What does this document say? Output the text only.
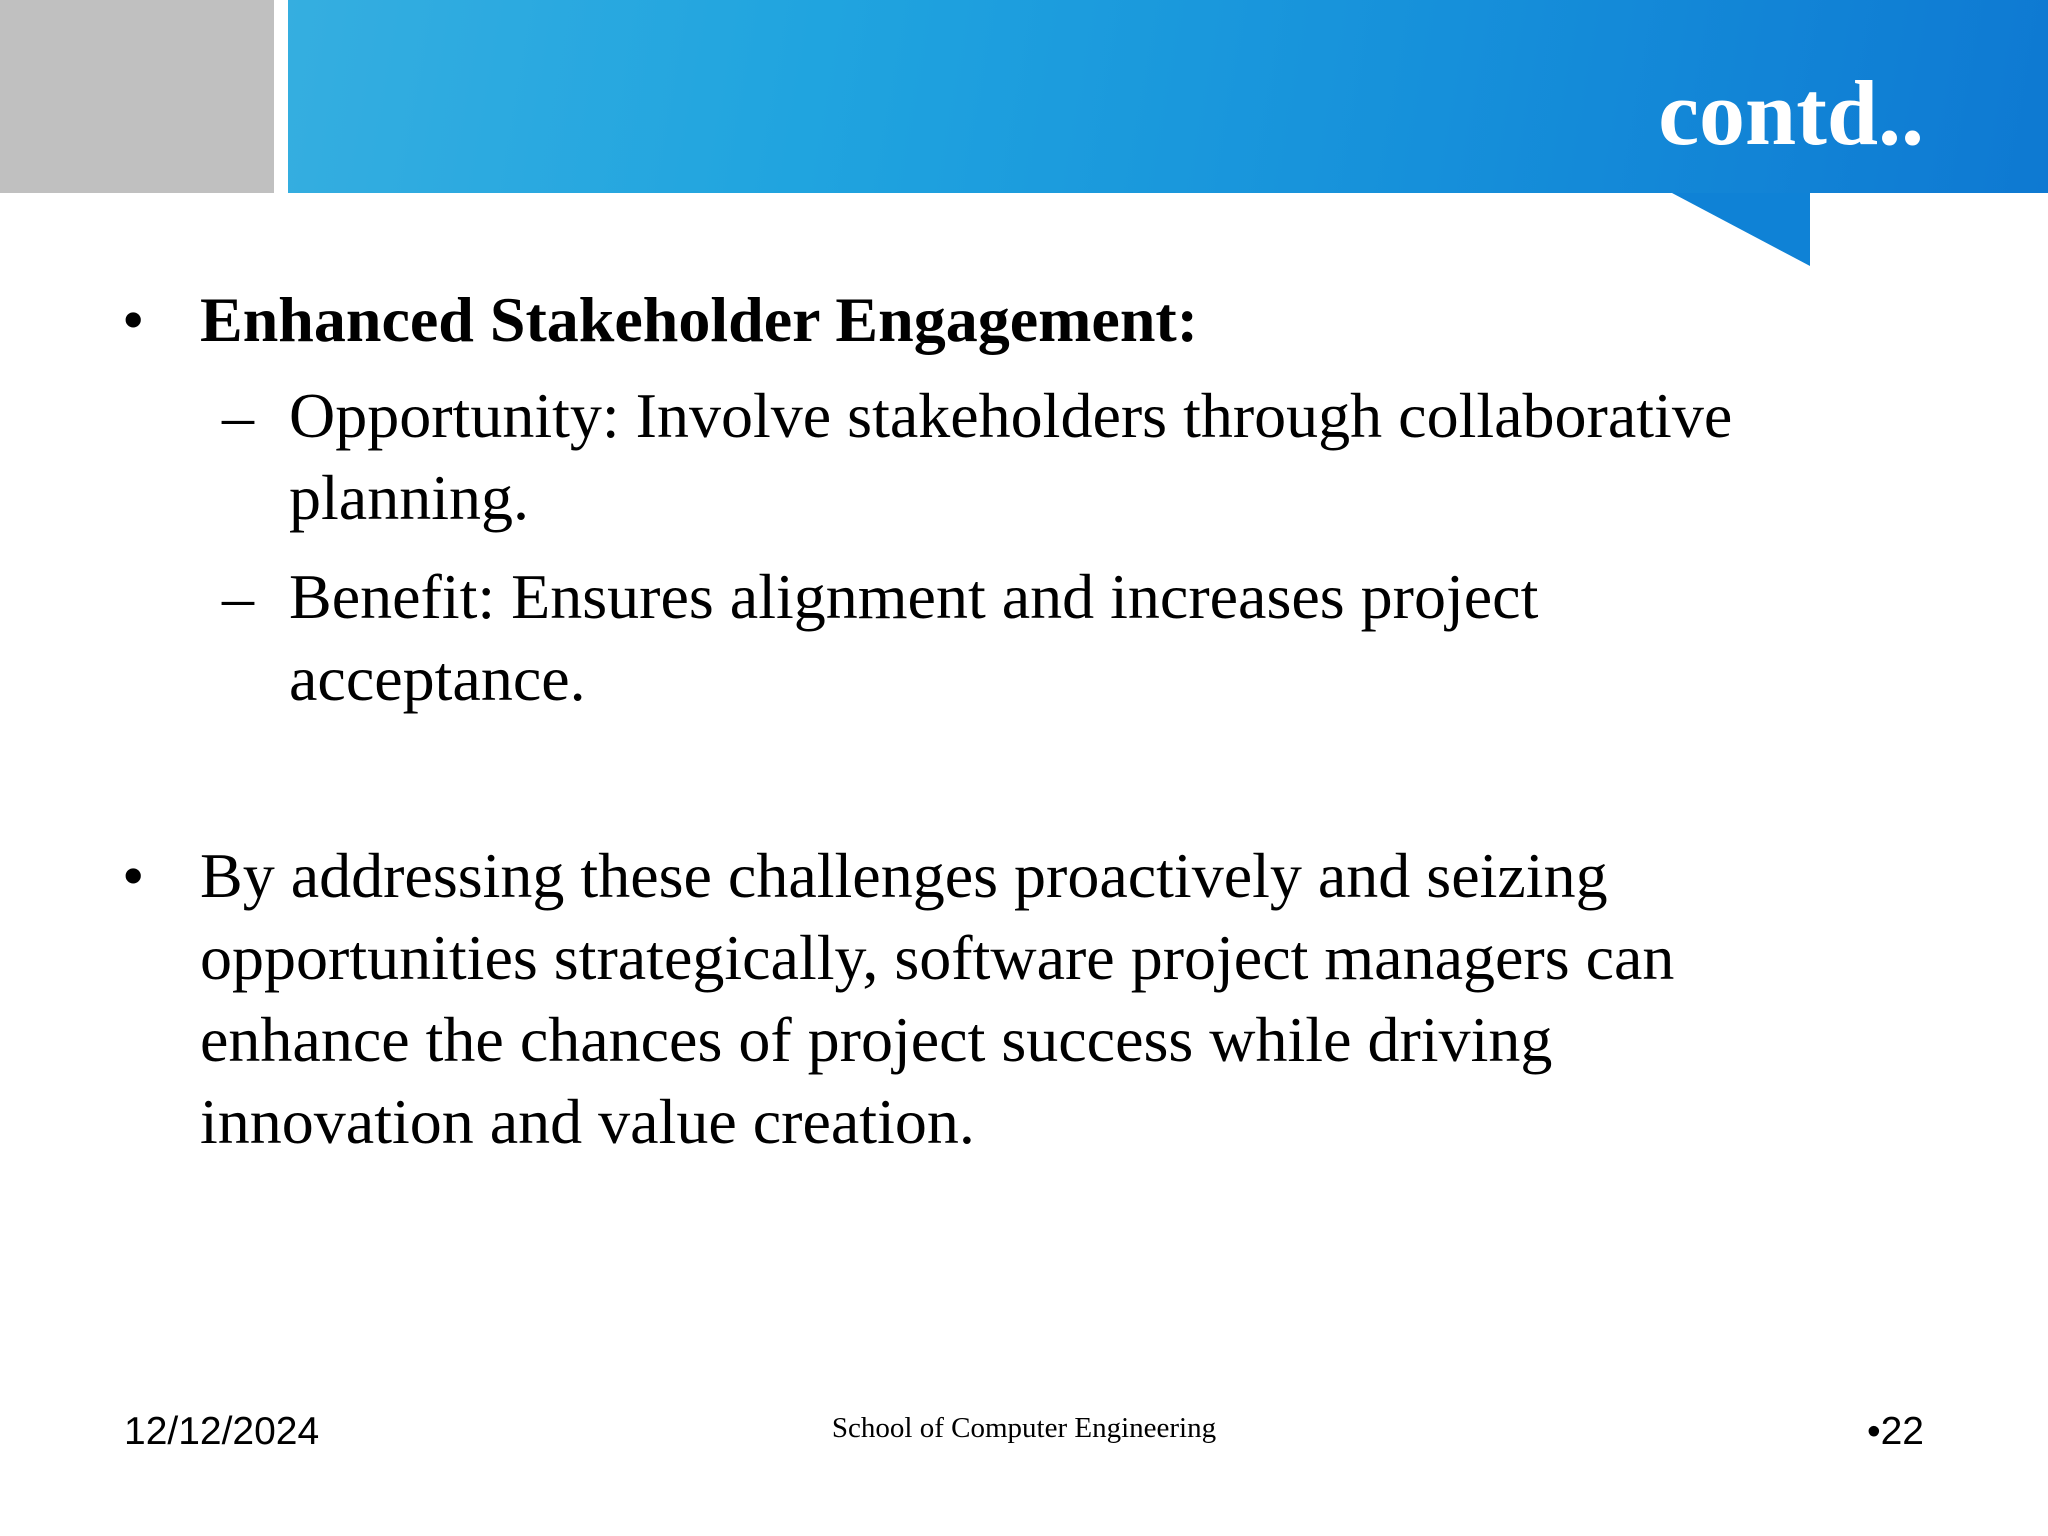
contd..
• Enhanced Stakeholder Engagement:
– Opportunity: Involve stakeholders through collaborative planning.
– Benefit: Ensures alignment and increases project acceptance.
• By addressing these challenges proactively and seizing opportunities strategically, software project managers can enhance the chances of project success while driving innovation and value creation.
12/12/2024	School of Computer Engineering	•22
